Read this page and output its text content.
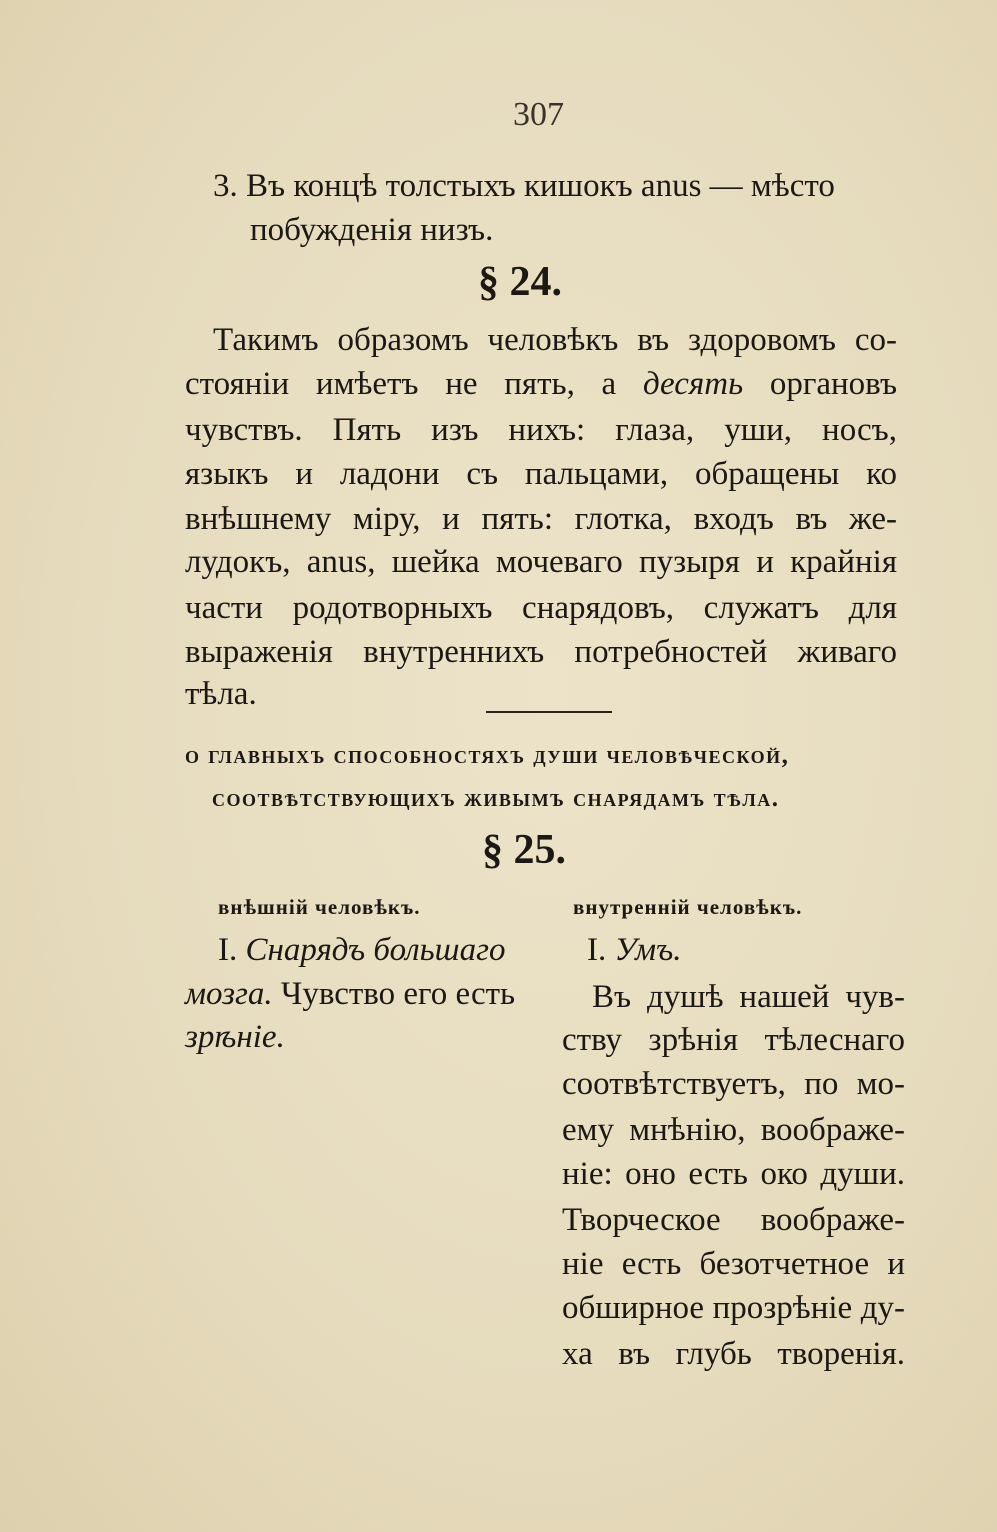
307
3. Въ концѣ толстыхъ кишокъ anus — мѣсто
побужденія низъ.
§ 24.
Такимъ образомъ человѣкъ въ здоровомъ со-
стояніи имѣетъ не пять, а десять органовъ
чувствъ. Пять изъ нихъ: глаза, уши, носъ,
языкъ и ладони съ пальцами, обращены ко
внѣшнему міру, и пять: глотка, входъ въ же-
лудокъ, anus, шейка мочеваго пузыря и крайнія
части родотворныхъ снарядовъ, служатъ для
выраженія внутреннихъ потребностей живаго
тѣла.
о главныхъ способностяхъ души человѣческой,
соотвѣтствующихъ живымъ снарядамъ тѣла.
§ 25.
внѣшній человѣкъ.
I. Снарядъ большаго
мозга. Чувство его есть
зрѣніе.
внутренній человѣкъ.
I. Умъ.
Въ душѣ нашей чув-
ству зрѣнія тѣлеснаго
соотвѣтствуетъ, по мо-
ему мнѣнію, воображе-
ніе: оно есть око души.
Творческое воображе-
ніе есть безотчетное и
обширное прозрѣніе ду-
ха въ глубь творенія.
